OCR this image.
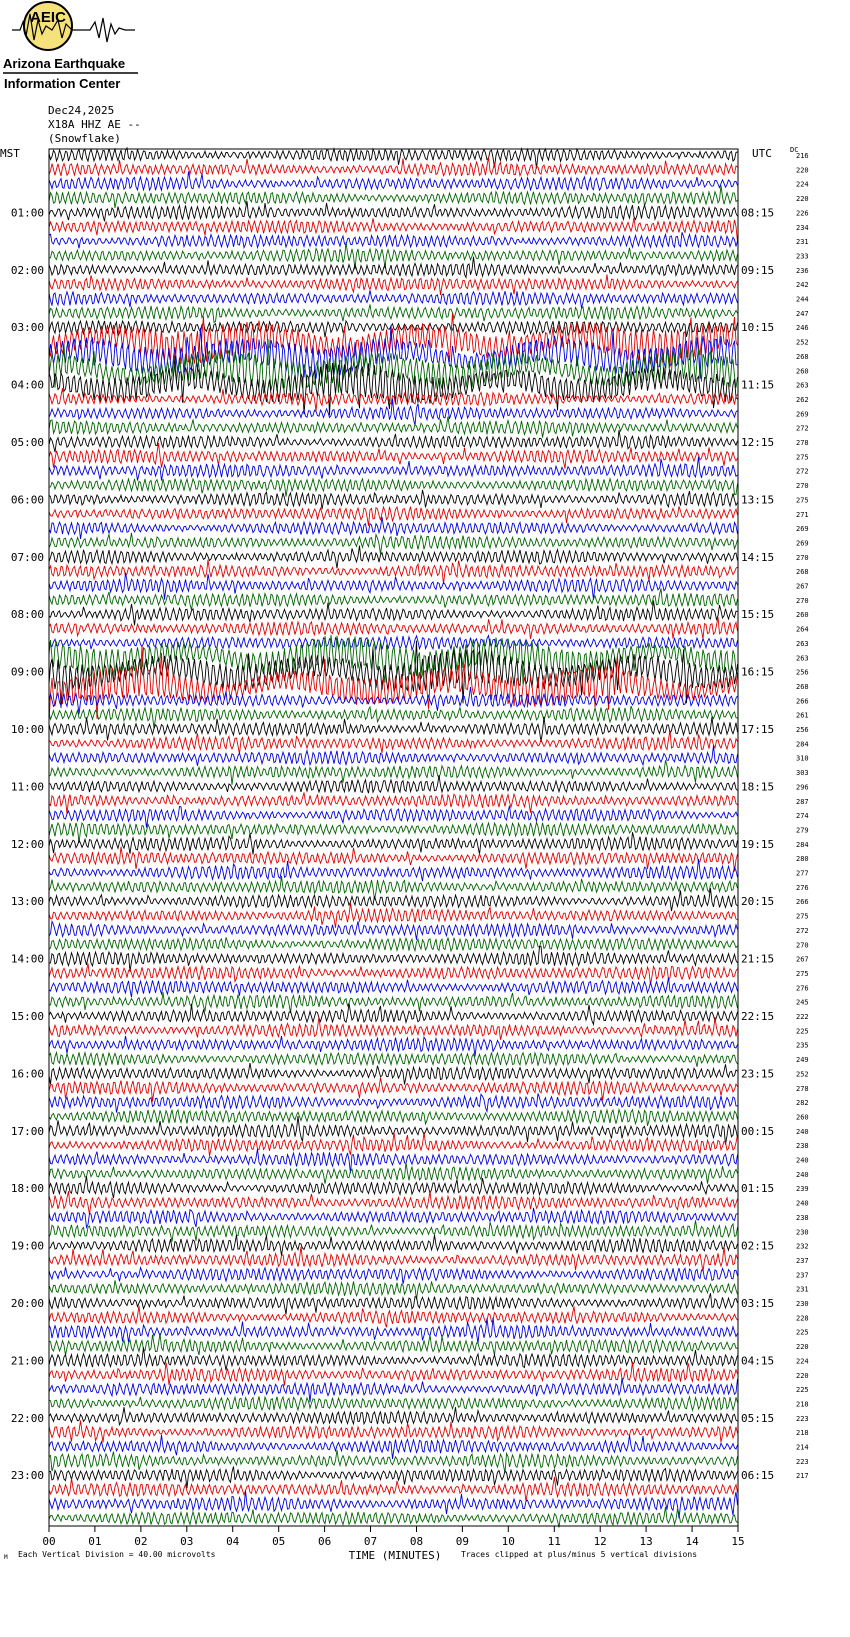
AEIC
Arizona Earthquake
Information Center
Dec24,2025
X18A HHZ AE --
(Snowflake)
216
220
224
220
226
234
231
233
236
242
244
247
246
252
268
260
263
262
269
272
278
275
272
270
275
271
269
269
270
268
267
270
260
264
263
263
256
268
266
261
256
284
310
303
296
287
274
279
284
280
277
276
266
275
272
270
267
275
276
245
222
225
235
249
252
278
282
260
240
238
240
240
239
240
238
230
232
237
237
231
230
228
225
220
224
220
225
218
223
218
214
223
217
01:00
02:00
03:00
04:00
05:00
06:00
07:00
08:00
09:00
10:00
11:00
12:00
13:00
14:00
15:00
16:00
17:00
18:00
19:00
20:00
21:00
22:00
23:00
08:15
09:15
10:15
11:15
12:15
13:15
14:15
15:15
16:15
17:15
18:15
19:15
20:15
21:15
22:15
23:15
00:15
01:15
02:15
03:15
04:15
05:15
06:15
00	01	02	03	04	05	06	07	08	09	10	11	12	13	14	15
MST	UTC	DC
TIME (MINUTES)
M Each Vertical Division = 40.00 microvolts	Traces clipped at plus/minus 5 vertical divisions
